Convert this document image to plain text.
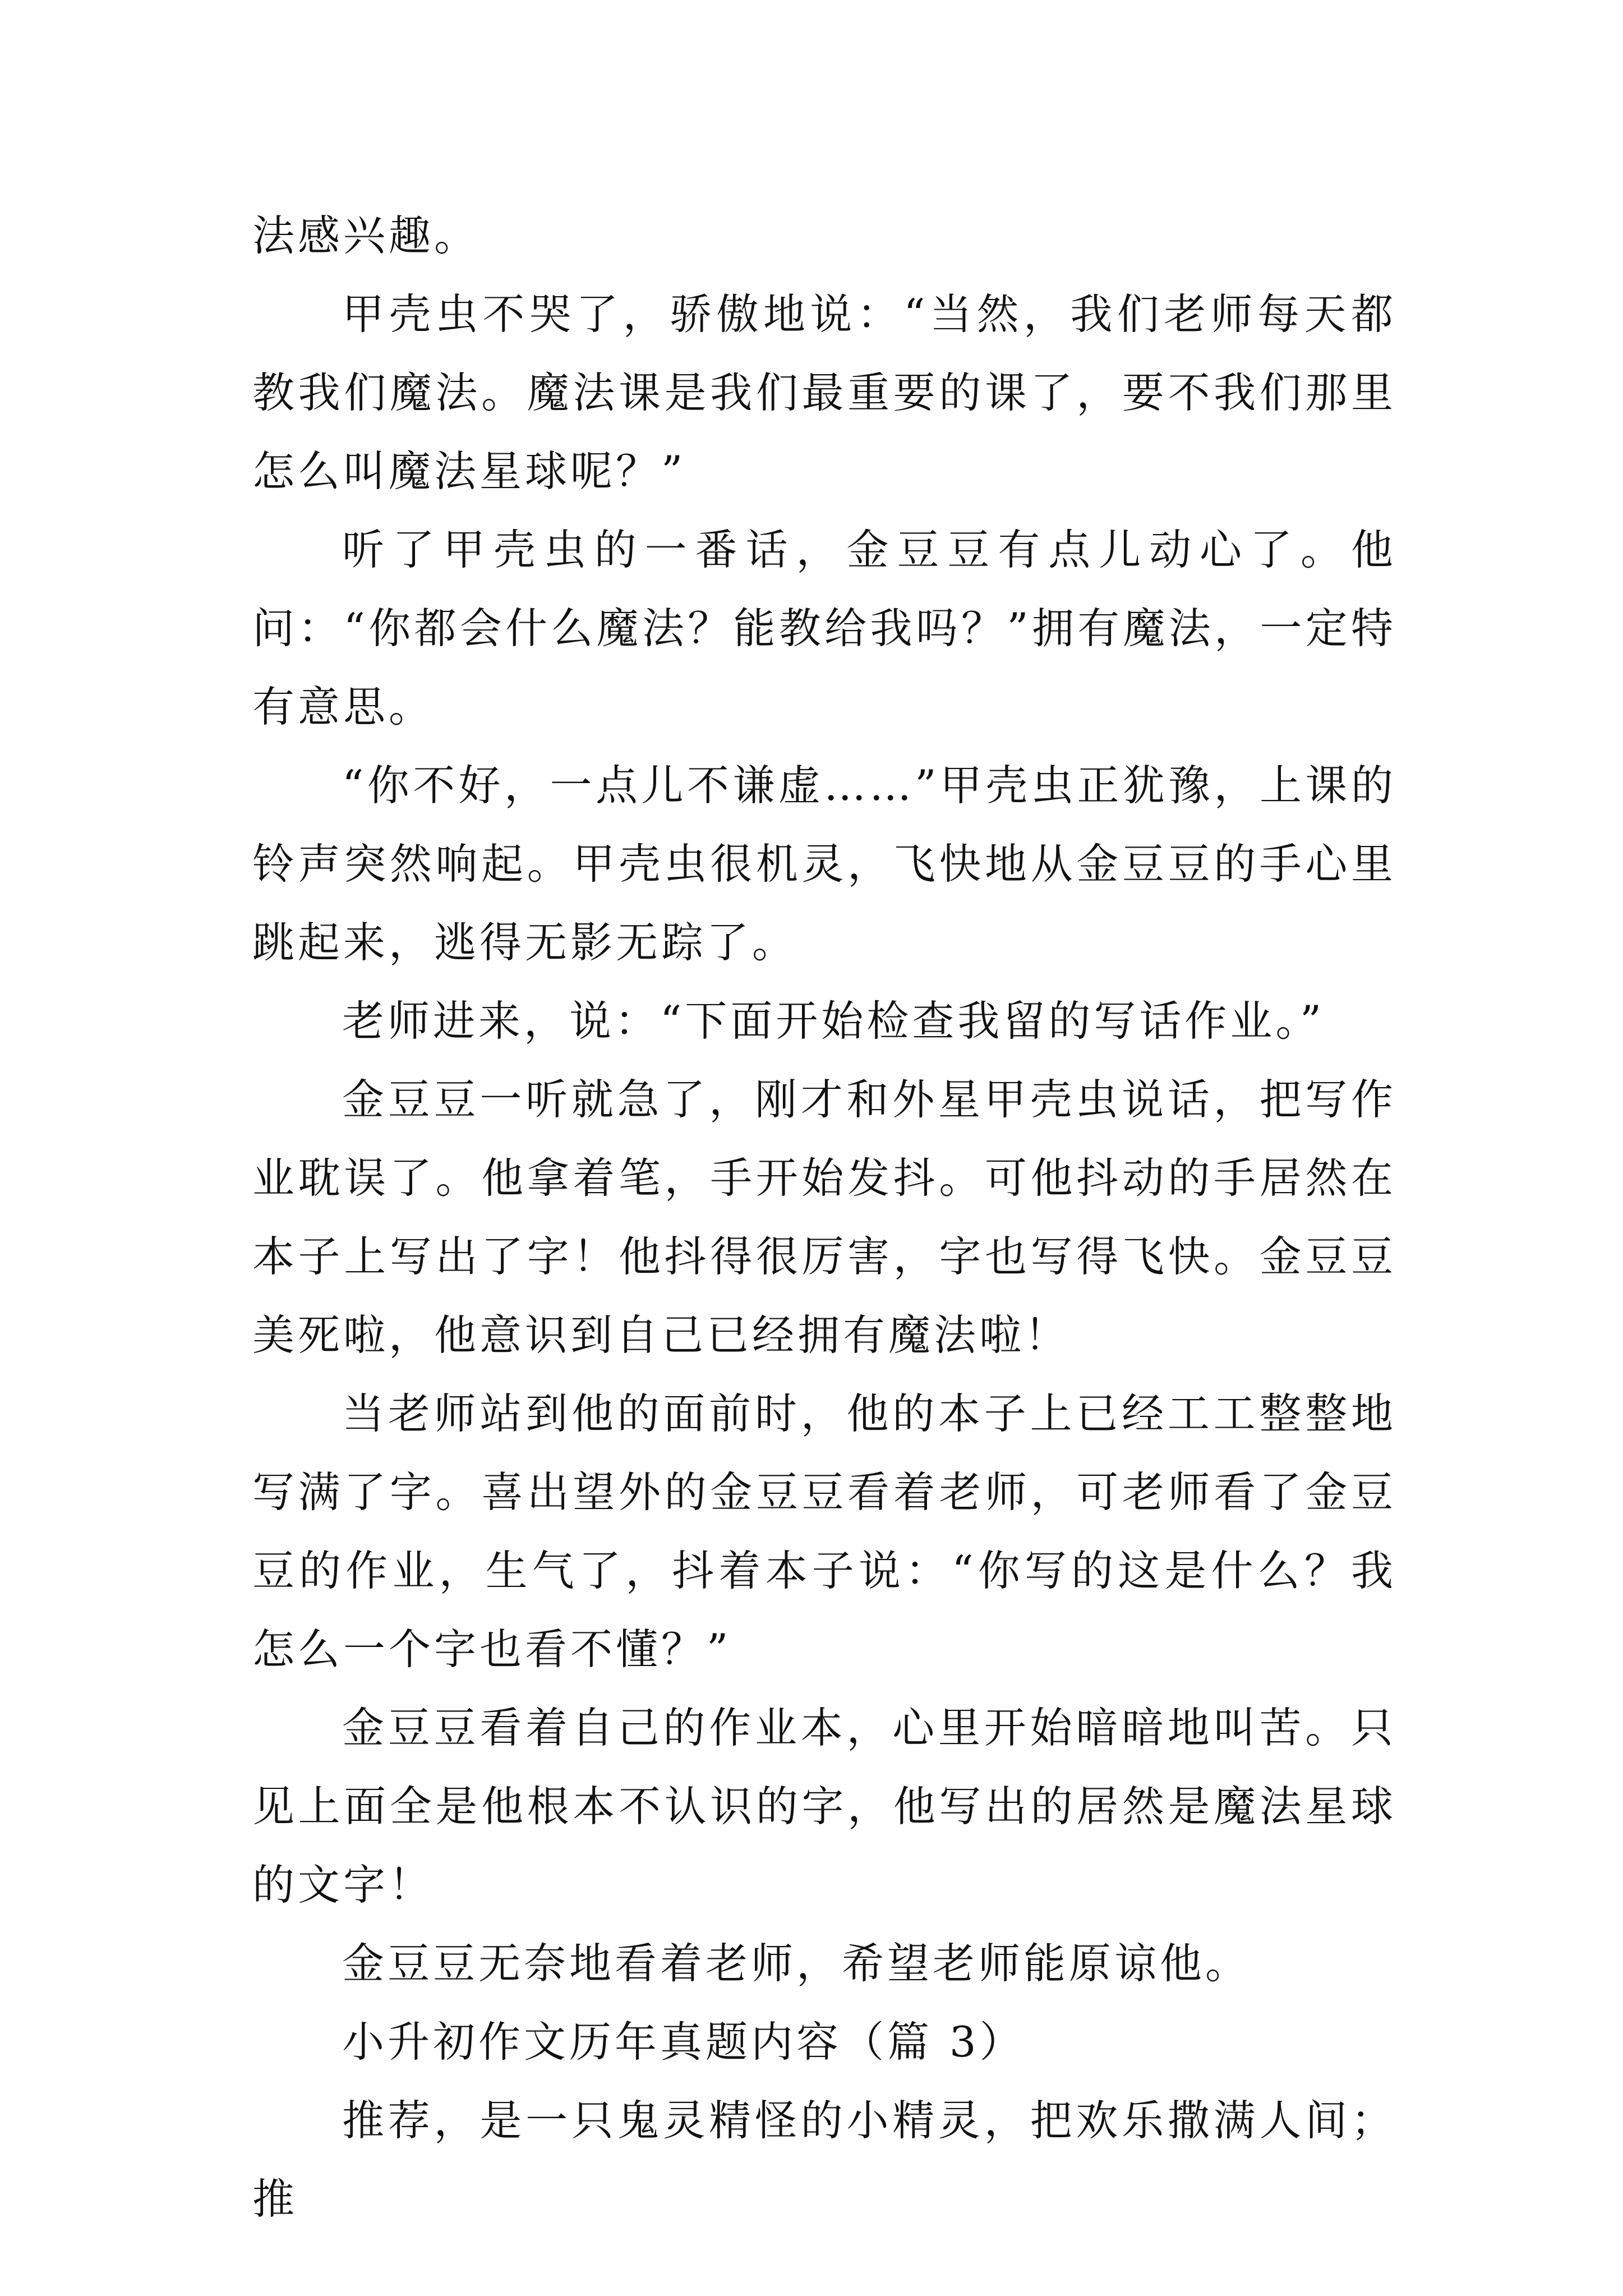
法感兴趣。

甲壳虫不哭了，骄傲地说：“当然，我们老师每天都教我们魔法。魔法课是我们最重要的课了，要不我们那里怎么叫魔法星球呢？”

听了甲壳虫的一番话，金豆豆有点儿动心了。他问：“你都会什么魔法？能教给我吗？”拥有魔法，一定特有意思。

“你不好，一点儿不谦虚……”甲壳虫正犹豫，上课的铃声突然响起。甲壳虫很机灵，飞快地从金豆豆的手心里跳起来，逃得无影无踪了。

老师进来，说：“下面开始检查我留的写话作业。”

金豆豆一听就急了，刚才和外星甲壳虫说话，把写作业耽误了。他拿着笔，手开始发抖。可他抖动的手居然在本子上写出了字！他抖得很厉害，字也写得飞快。金豆豆美死啦，他意识到自己已经拥有魔法啦！

当老师站到他的面前时，他的本子上已经工工整整地写满了字。喜出望外的金豆豆看着老师，可老师看了金豆豆的作业，生气了，抖着本子说：“你写的这是什么？我怎么一个字也看不懂？”

金豆豆看着自己的作业本，心里开始暗暗地叫苦。只见上面全是他根本不认识的字，他写出的居然是魔法星球的文字！

金豆豆无奈地看着老师，希望老师能原谅他。

小升初作文历年真题内容（篇 3）

推荐，是一只鬼灵精怪的小精灵，把欢乐撒满人间；推
